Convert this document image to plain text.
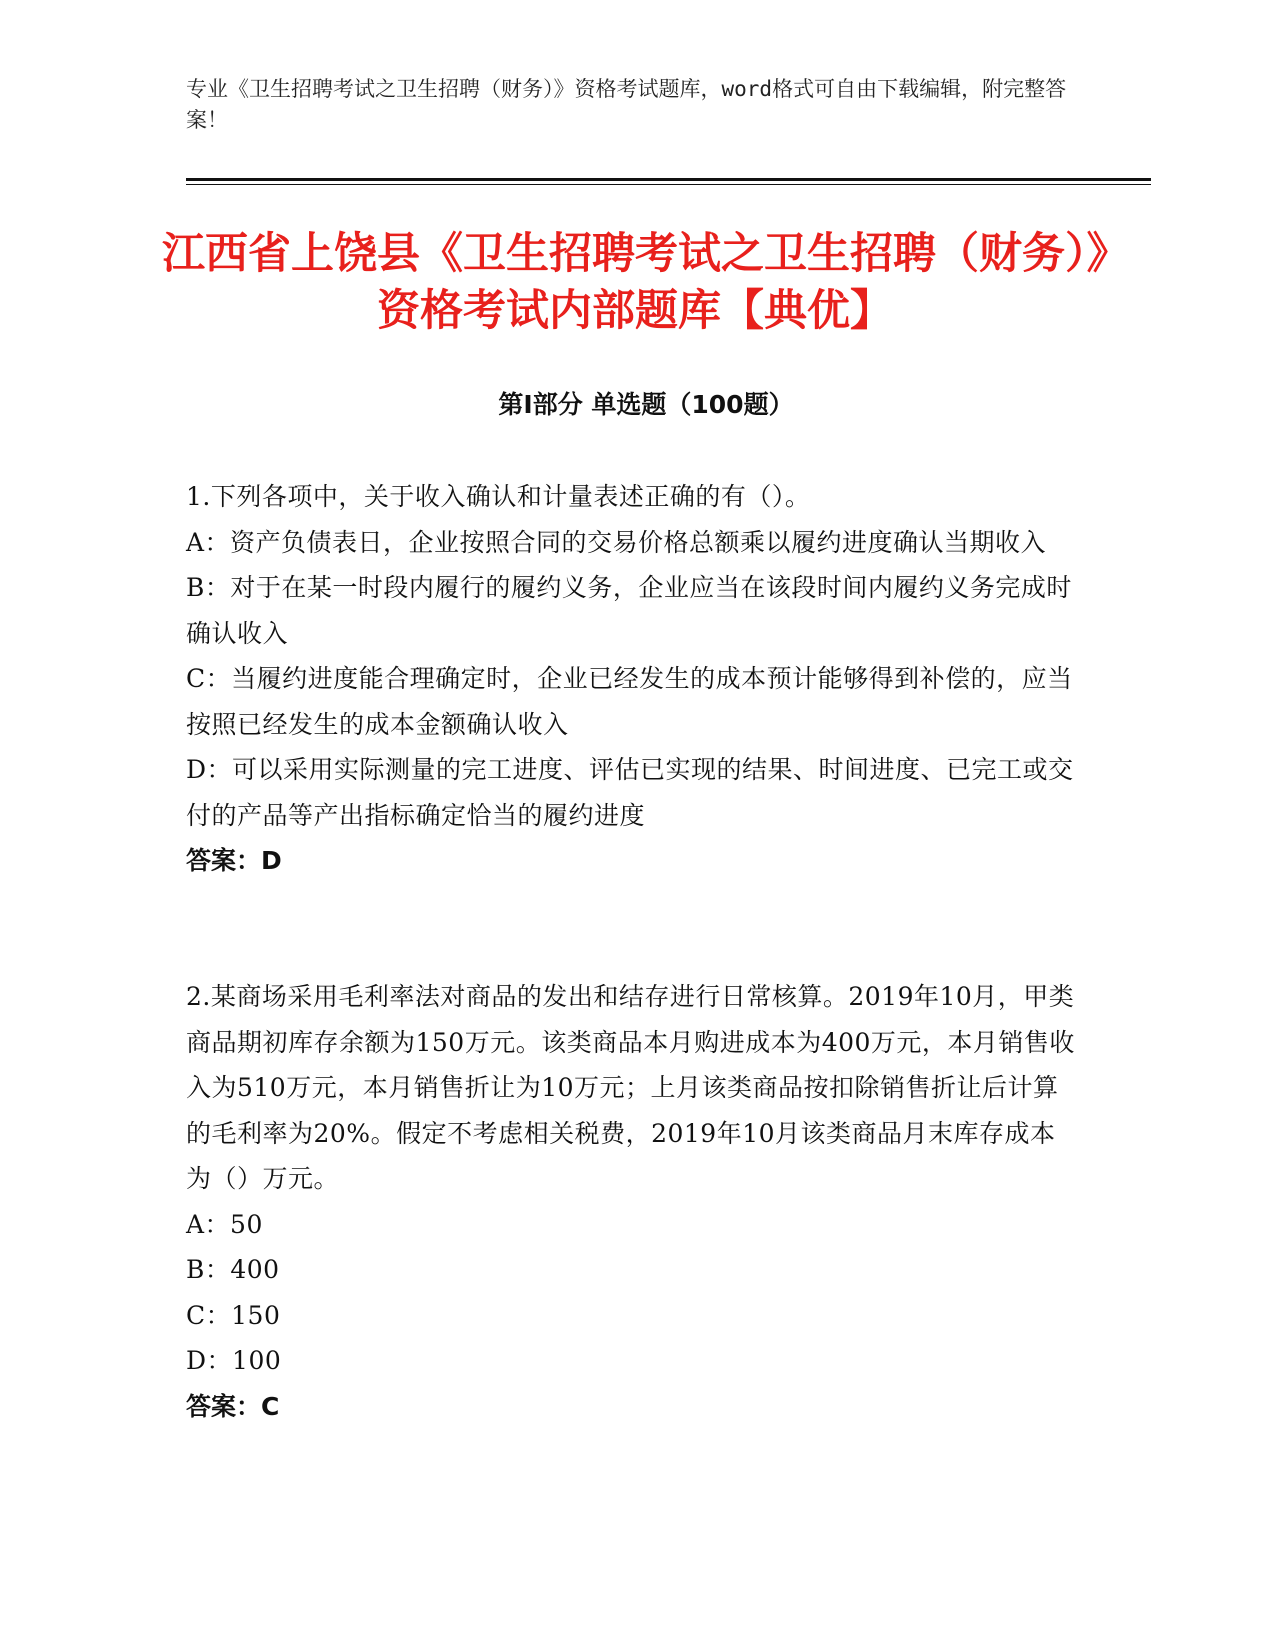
专业《卫生招聘考试之卫生招聘（财务）》资格考试题库，word格式可自由下载编辑，附完整答案！
江西省上饶县《卫生招聘考试之卫生招聘（财务）》资格考试内部题库【典优】
第I部分 单选题（100题）

1.下列各项中，关于收入确认和计量表述正确的有（）。

A：资产负债表日，企业按照合同的交易价格总额乘以履约进度确认当期收入

B：对于在某一时段内履行的履约义务，企业应当在该段时间内履约义务完成时确认收入

C：当履约进度能合理确定时，企业已经发生的成本预计能够得到补偿的，应当按照已经发生的成本金额确认收入

D：可以采用实际测量的完工进度、评估已实现的结果、时间进度、已完工或交付的产品等产出指标确定恰当的履约进度

答案：D

2.某商场采用毛利率法对商品的发出和结存进行日常核算。2019年10月，甲类商品期初库存余额为150万元。该类商品本月购进成本为400万元，本月销售收入为510万元，本月销售折让为10万元；上月该类商品按扣除销售折让后计算的毛利率为20%。假定不考虑相关税费，2019年10月该类商品月末库存成本为（）万元。

A：50

B：400

C：150

D：100

答案：C
